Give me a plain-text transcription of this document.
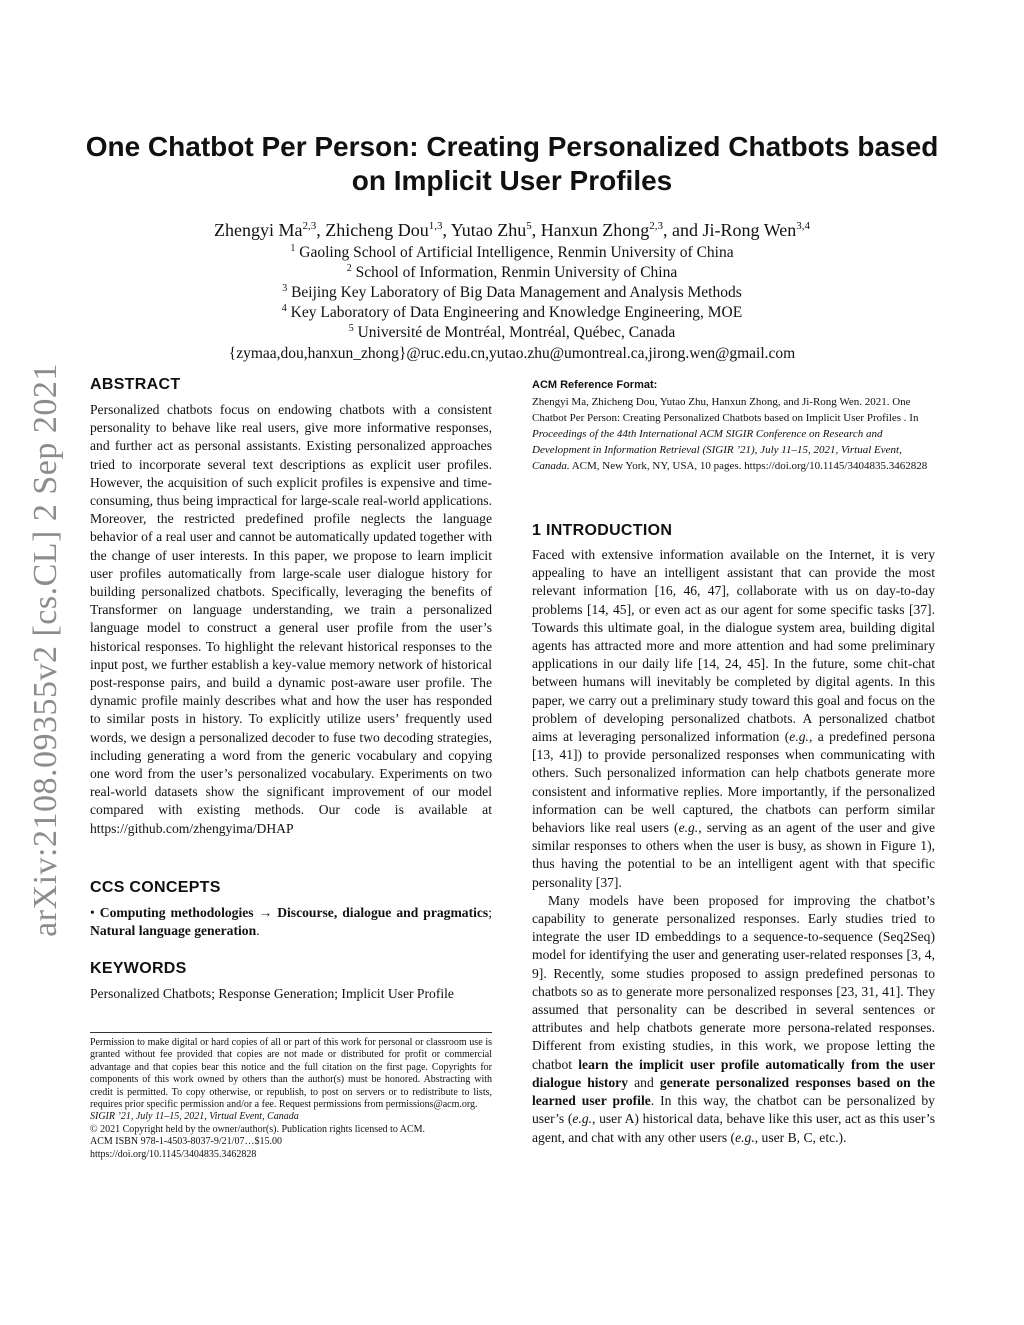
arXiv:2108.09355v2 [cs.CL] 2 Sep 2021
One Chatbot Per Person: Creating Personalized Chatbots based
on Implicit User Profiles
Zhengyi Ma$^{2,3}$, Zhicheng Dou$^{1,3}$, Yutao Zhu$^5$, Hanxun Zhong$^{2,3}$, and Ji-Rong Wen$^{3,4}$
$^1$ Gaoling School of Artificial Intelligence, Renmin University of China
$^2$ School of Information, Renmin University of China
$^3$ Beijing Key Laboratory of Big Data Management and Analysis Methods
$^4$ Key Laboratory of Data Engineering and Knowledge Engineering, MOE
$^5$ Université de Montréal, Montréal, Québec, Canada
{zymaa,dou,hanxun_zhong}@ruc.edu.cn,yutao.zhu@umontreal.ca,jirong.wen@gmail.com
ABSTRACT

Personalized chatbots focus on endowing chatbots with a consistent personality to behave like real users, give more informative responses, and further act as personal assistants. Existing personalized approaches tried to incorporate several text descriptions as explicit user profiles. However, the acquisition of such explicit profiles is expensive and time-consuming, thus being impractical for large-scale real-world applications. Moreover, the restricted predefined profile neglects the language behavior of a real user and cannot be automatically updated together with the change of user interests. In this paper, we propose to learn implicit user profiles automatically from large-scale user dialogue history for building personalized chatbots. Specifically, leveraging the benefits of Transformer on language understanding, we train a personalized language model to construct a general user profile from the user’s historical responses. To highlight the relevant historical responses to the input post, we further establish a key-value memory network of historical post-response pairs, and build a dynamic post-aware user profile. The dynamic profile mainly describes what and how the user has responded to similar posts in history. To explicitly utilize users’ frequently used words, we design a personalized decoder to fuse two decoding strategies, including generating a word from the generic vocabulary and copying one word from the user’s personalized vocabulary. Experiments on two real-world datasets show the significant improvement of our model compared with existing methods. Our code is available at https://github.com/zhengyima/DHAP

CCS CONCEPTS

• Computing methodologies → Discourse, dialogue and pragmatics; Natural language generation.

KEYWORDS

Personalized Chatbots; Response Generation; Implicit User Profile

Permission to make digital or hard copies of all or part of this work for personal or classroom use is granted without fee provided that copies are not made or distributed for profit or commercial advantage and that copies bear this notice and the full citation on the first page. Copyrights for components of this work owned by others than the author(s) must be honored. Abstracting with credit is permitted. To copy otherwise, or republish, to post on servers or to redistribute to lists, requires prior specific permission and/or a fee. Request permissions from permissions@acm.org.
SIGIR ’21, July 11–15, 2021, Virtual Event, Canada
© 2021 Copyright held by the owner/author(s). Publication rights licensed to ACM.
ACM ISBN 978-1-4503-8037-9/21/07…$15.00
https://doi.org/10.1145/3404835.3462828
ACM Reference Format:
Zhengyi Ma, Zhicheng Dou, Yutao Zhu, Hanxun Zhong, and Ji-Rong Wen. 2021. One Chatbot Per Person: Creating Personalized Chatbots based on Implicit User Profiles . In Proceedings of the 44th International ACM SIGIR Conference on Research and Development in Information Retrieval (SIGIR ’21), July 11–15, 2021, Virtual Event, Canada. ACM, New York, NY, USA, 10 pages. https://doi.org/10.1145/3404835.3462828
1 INTRODUCTION

Faced with extensive information available on the Internet, it is very appealing to have an intelligent assistant that can provide the most relevant information [16, 46, 47], collaborate with us on day-to-day problems [14, 45], or even act as our agent for some specific tasks [37]. Towards this ultimate goal, in the dialogue system area, building digital agents has attracted more and more attention and had some preliminary applications in our daily life [14, 24, 45]. In the future, some chit-chat between humans will inevitably be completed by digital agents. In this paper, we carry out a preliminary study toward this goal and focus on the problem of developing personalized chatbots. A personalized chatbot aims at leveraging personalized information (e.g., a predefined persona [13, 41]) to provide personalized responses when communicating with others. Such personalized information can help chatbots generate more consistent and informative replies. More importantly, if the personalized information can be well captured, the chatbots can perform similar behaviors like real users (e.g., serving as an agent of the user and give similar responses to others when the user is busy, as shown in Figure 1), thus having the potential to be an intelligent agent with that specific personality [37].

Many models have been proposed for improving the chatbot’s capability to generate personalized responses. Early studies tried to integrate the user ID embeddings to a sequence-to-sequence (Seq2Seq) model for identifying the user and generating user-related responses [3, 4, 9]. Recently, some studies proposed to assign predefined personas to chatbots so as to generate more personalized responses [23, 31, 41]. They assumed that personality can be described in several sentences or attributes and help chatbots generate more persona-related responses. Different from existing studies, in this work, we propose letting the chatbot learn the implicit user profile automatically from the user dialogue history and generate personalized responses based on the learned user profile. In this way, the chatbot can be personalized by user’s (e.g., user A) historical data, behave like this user, act as this user’s agent, and chat with any other users (e.g., user B, C, etc.).
